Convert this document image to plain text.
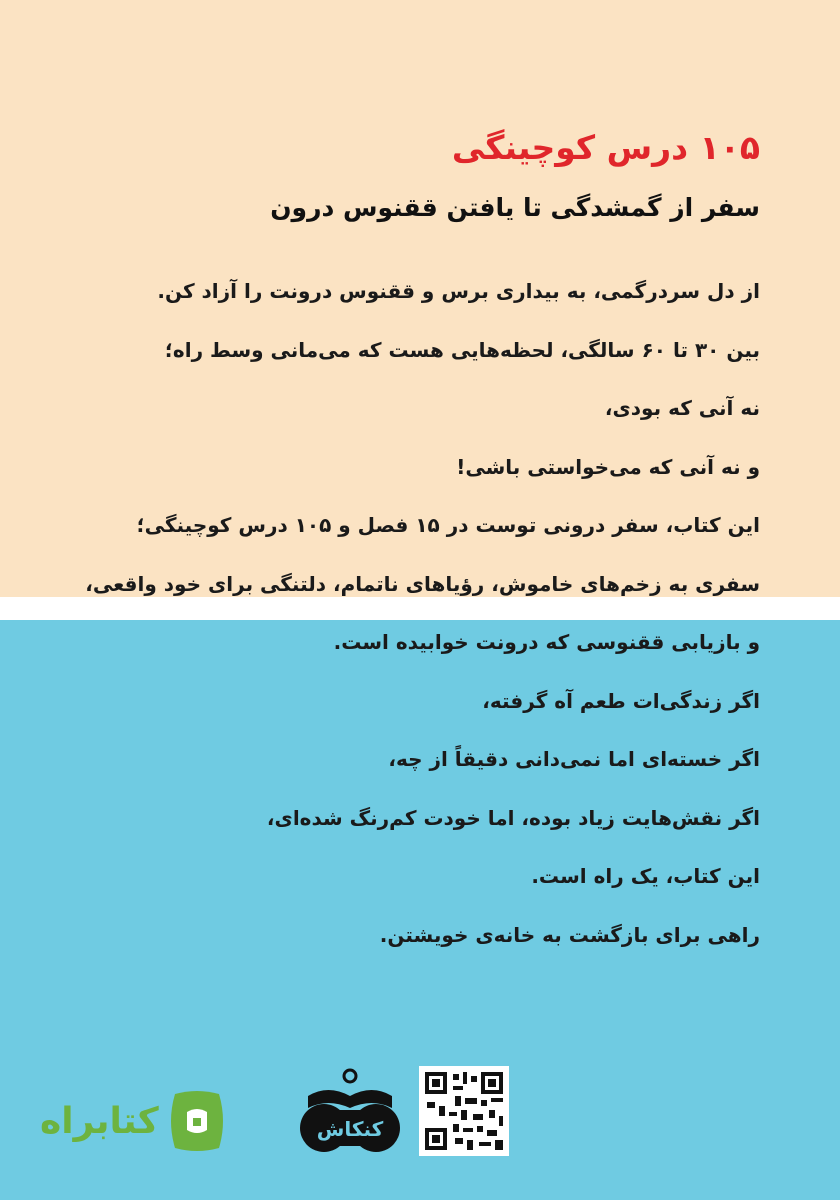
۱۰۵ درس کوچینگی
سفر از گمشدگی تا یافتن ققنوس درون
از دل سردرگمی، به بیداری برس و ققنوس درونت را آزاد کن.
بین ۳۰ تا ۶۰ سالگی، لحظه‌هایی هست که می‌مانی وسط راه؛
نه آنی که بودی،
و نه آنی که می‌خواستی باشی!
این کتاب، سفر درونی توست در ۱۵ فصل و ۱۰۵ درس کوچینگی؛
سفری به زخم‌های خاموش، رؤیاهای ناتمام، دلتنگی برای خود واقعی،
و بازیابی ققنوسی که درونت خوابیده است.
اگر زندگی‌ات طعم آه گرفته،
اگر خسته‌ای اما نمی‌دانی دقیقاً از چه،
اگر نقش‌هایت زیاد بوده، اما خودت کم‌رنگ شده‌ای،
این کتاب، یک راه است.
راهی برای بازگشت به خانه‌ی خویشتن.
کتابراه	کنکاش
